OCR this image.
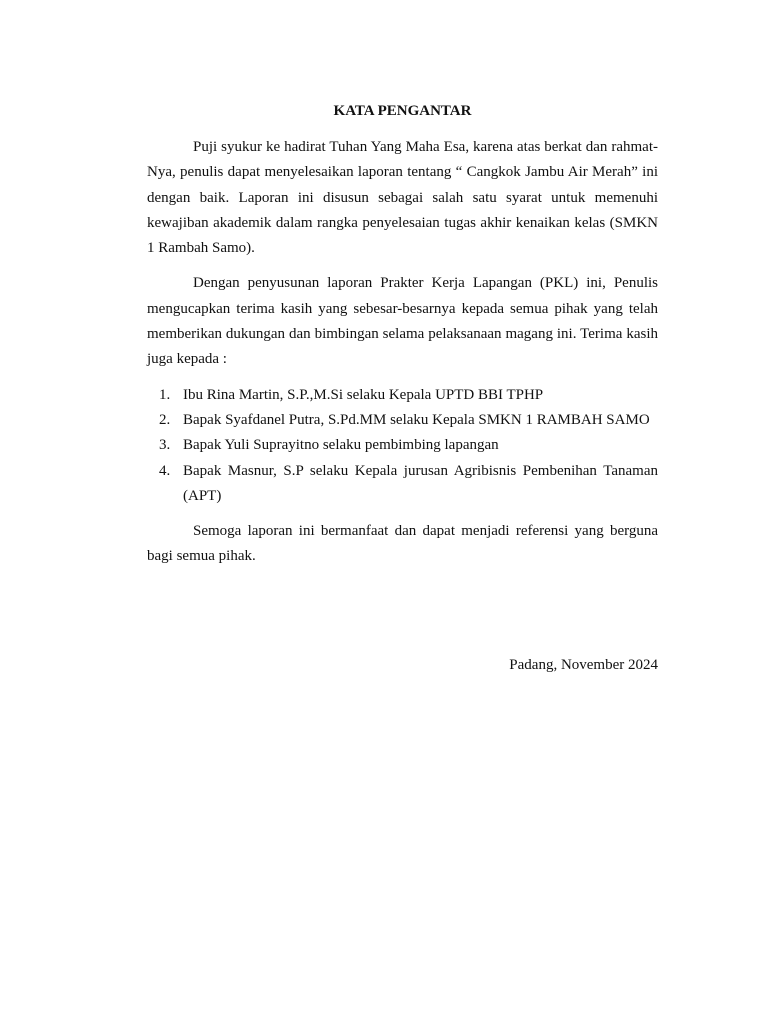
KATA PENGANTAR

Puji syukur ke hadirat Tuhan Yang Maha Esa, karena atas berkat dan rahmat-Nya, penulis dapat menyelesaikan laporan tentang “ Cangkok Jambu Air Merah” ini dengan baik. Laporan ini disusun sebagai salah satu syarat untuk memenuhi kewajiban akademik dalam rangka penyelesaian tugas akhir kenaikan kelas (SMKN 1 Rambah Samo).

Dengan penyusunan laporan Prakter Kerja Lapangan (PKL) ini, Penulis mengucapkan terima kasih yang sebesar-besarnya kepada semua pihak yang telah memberikan dukungan dan bimbingan selama pelaksanaan magang ini. Terima kasih juga kepada :

1. Ibu Rina Martin, S.P.,M.Si selaku Kepala UPTD BBI TPHP
2. Bapak Syafdanel Putra, S.Pd.MM selaku Kepala SMKN 1 RAMBAH SAMO
3. Bapak Yuli Suprayitno selaku pembimbing lapangan
4. Bapak Masnur, S.P selaku Kepala jurusan Agribisnis Pembenihan Tanaman (APT)

Semoga laporan ini bermanfaat dan dapat menjadi referensi yang berguna bagi semua pihak.

Padang, November 2024
